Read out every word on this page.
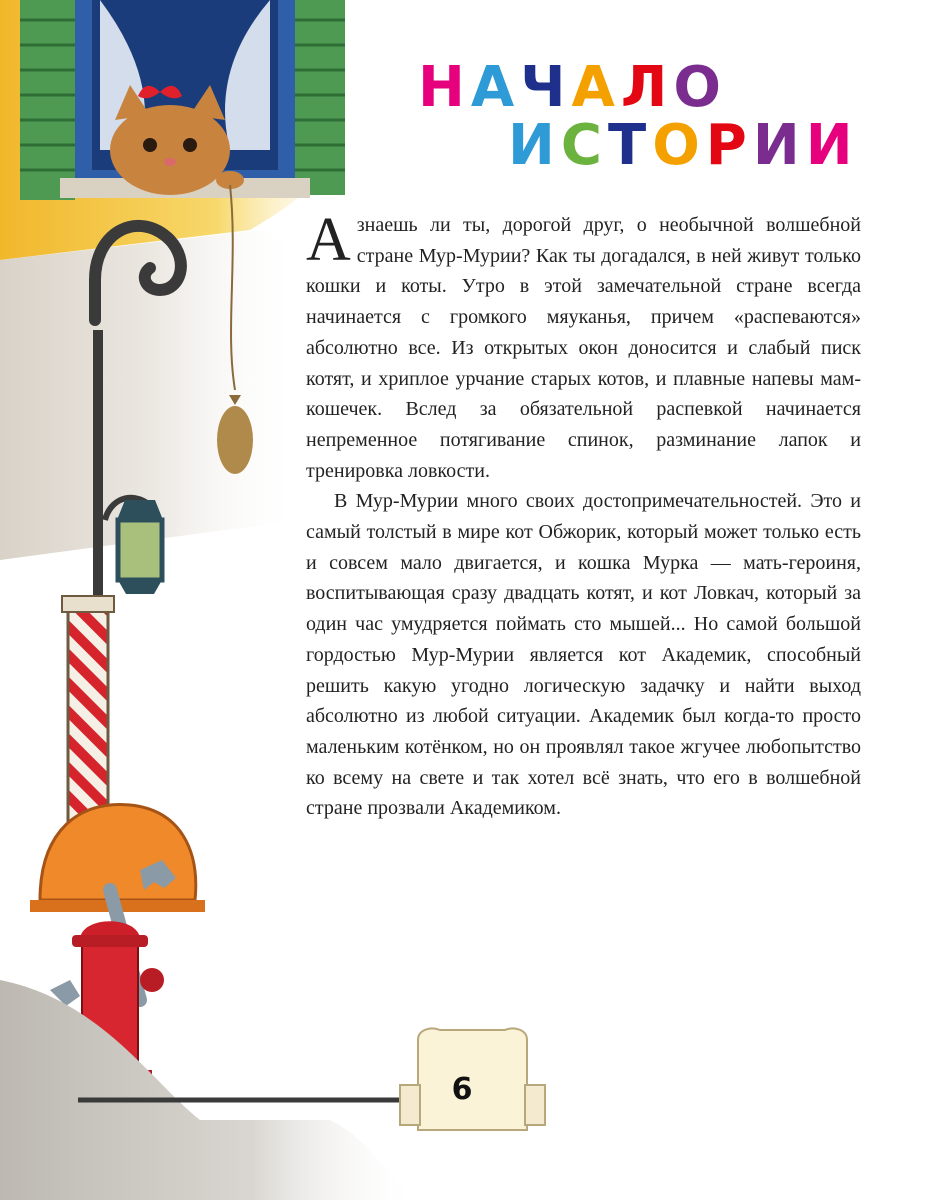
НАЧАЛО
ИСТОРИИ

А знаешь ли ты, дорогой друг, о необычной волшебной стране Мур-Мурии? Как ты догадался, в ней живут только кошки и коты. Утро в этой замечательной стране всегда начинается с громкого мяуканья, причем «распеваются» абсолютно все. Из открытых окон доносится и слабый писк котят, и хриплое урчание старых котов, и плавные напевы мам-кошечек. Вслед за обязательной распевкой начинается непременное потягивание спинок, разминание лапок и тренировка ловкости.

В Мур-Мурии много своих достопримечательностей. Это и самый толстый в мире кот Обжорик, который может только есть и совсем мало двигается, и кошка Мурка — мать-героиня, воспитывающая сразу двадцать котят, и кот Ловкач, который за один час умудряется поймать сто мышей... Но самой большой гордостью Мур-Мурии является кот Академик, способный решить какую угодно логическую задачку и найти выход абсолютно из любой ситуации. Академик был когда-то просто маленьким котёнком, но он проявлял такое жгучее любопытство ко всему на свете и так хотел всё знать, что его в волшебной стране прозвали Академиком.

6
